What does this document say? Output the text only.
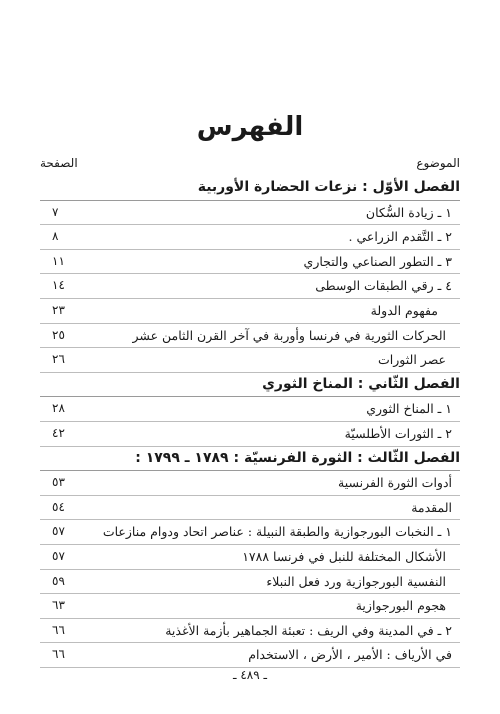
الفهرس
الموضوع
الصفحة
الفصل الأوّل : نزعات الحضارة الأوربية
١ ـ زيادة السُّكان
٧
٢ ـ التَّقدم الزراعي .
٨
٣ ـ التطور الصناعي والتجاري
١١
٤ ـ رقي الطبقات الوسطى
١٤
مفهوم الدولة
٢٣
الحركات الثورية في فرنسا وأوربة في آخر القرن الثامن عشر
٢٥
عصر الثورات
٢٦
الفصل الثّاني : المناخ الثوري
١ ـ المناخ الثوري
٢٨
٢ ـ الثورات الأطلسيّة
٤٢
الفصل الثّالث : الثورة الفرنسيّة : ١٧٨٩ ـ ١٧٩٩ :
أدوات الثورة الفرنسية
٥٣
المقدمة
٥٤
١ ـ النخبات البورجوازية والطبقة النبيلة : عناصر اتحاد ودوام منازعات
٥٧
الأشكال المختلفة للنبل في فرنسا ١٧٨٨
٥٧
النفسية البورجوازية ورد فعل النبلاء
٥٩
هجوم البورجوازية
٦٣
٢ ـ في المدينة وفي الريف : تعبئة الجماهير بأزمة الأغذية
٦٦
في الأرياف : الأمير ، الأرض ، الاستخدام
٦٦
ـ ٤٨٩ ـ
